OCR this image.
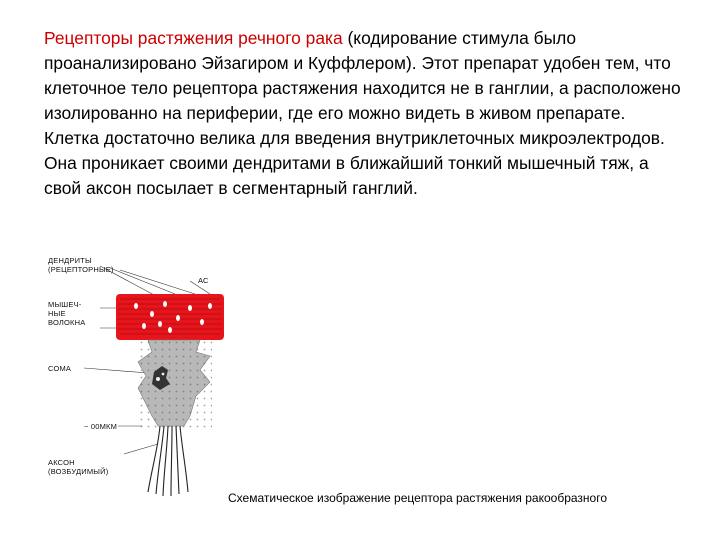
Рецепторы растяжения речного рака (кодирование стимула было проанализировано Эйзагиром и Куффлером). Этот препарат удобен тем, что клеточное тело рецептора растяжения находится не в ганглии, а расположено изолированно на периферии, где его можно видеть в живом препарате. Клетка достаточно велика для введения внутриклеточных микроэлектродов. Она проникает своими дендритами в ближайший тонкий мышечный тяж, а свой аксон посылает в сегментарный ганглий.
ДЕНДРИТЫ
(РЕЦЕПТОРНЫЕ)
АС
МЫШЕЧ-
НЫЕ
ВОЛОКНА
СОМА
~ 00МКМ
АКСОН
(ВОЗБУДИМЫЙ)
Схематическое изображение рецептора растяжения ракообразного
